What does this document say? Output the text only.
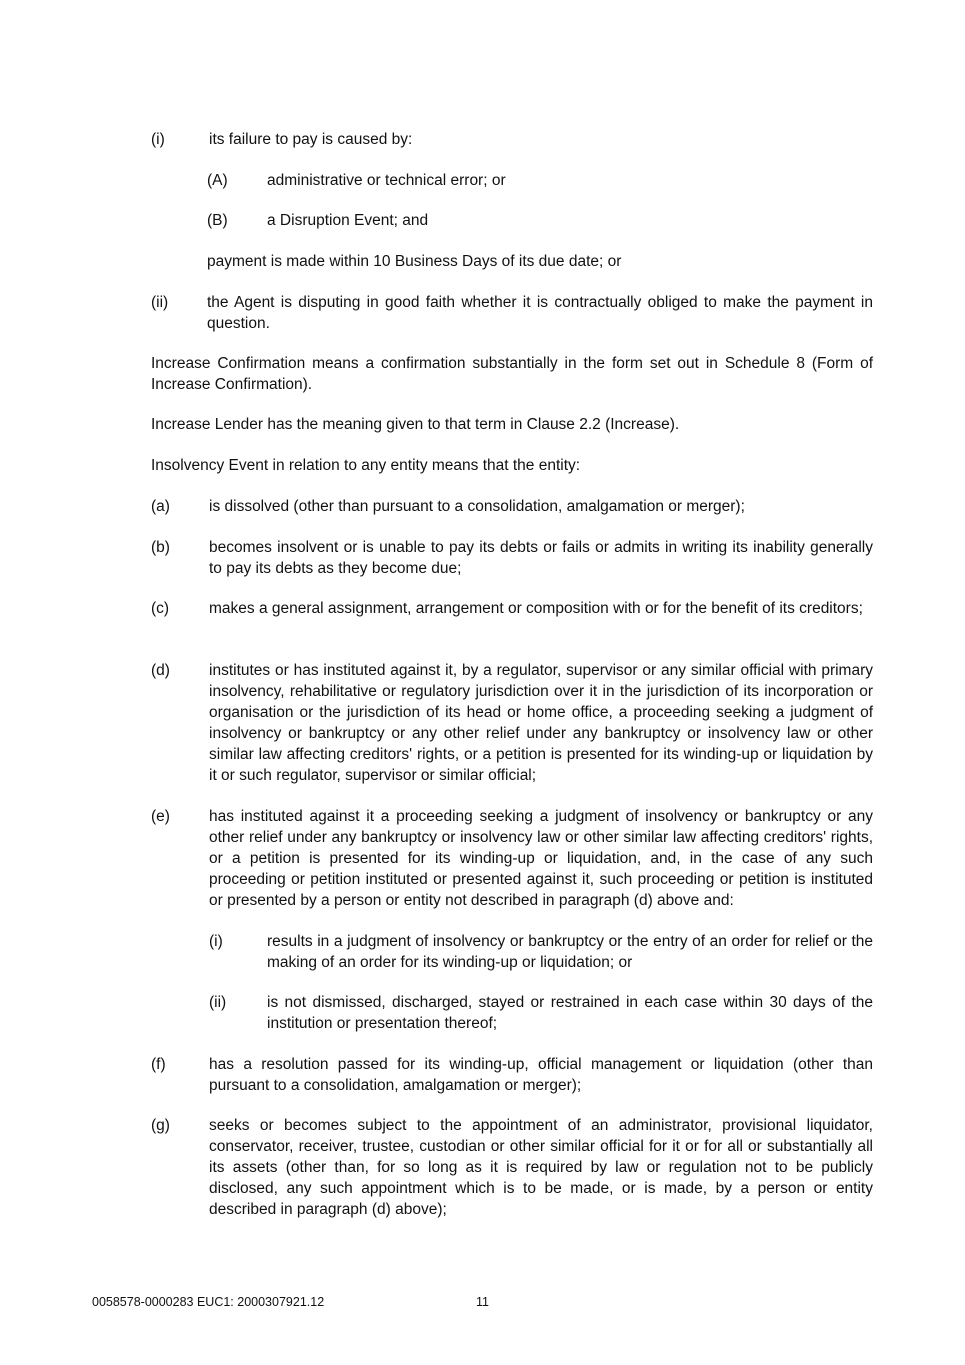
(i)	its failure to pay is caused by:

(A)	administrative or technical error; or

(B)	a Disruption Event; and

payment is made within 10 Business Days of its due date; or

(ii)	the Agent is disputing in good faith whether it is contractually obliged to make the payment in question.

Increase Confirmation means a confirmation substantially in the form set out in Schedule 8 (Form of Increase Confirmation).

Increase Lender has the meaning given to that term in Clause 2.2 (Increase).

Insolvency Event in relation to any entity means that the entity:

(a)	is dissolved (other than pursuant to a consolidation, amalgamation or merger);

(b)	becomes insolvent or is unable to pay its debts or fails or admits in writing its inability generally to pay its debts as they become due;

(c)	makes a general assignment, arrangement or composition with or for the benefit of its creditors;

(d)	institutes or has instituted against it, by a regulator, supervisor or any similar official with primary insolvency, rehabilitative or regulatory jurisdiction over it in the jurisdiction of its incorporation or organisation or the jurisdiction of its head or home office, a proceeding seeking a judgment of insolvency or bankruptcy or any other relief under any bankruptcy or insolvency law or other similar law affecting creditors' rights, or a petition is presented for its winding-up or liquidation by it or such regulator, supervisor or similar official;

(e)	has instituted against it a proceeding seeking a judgment of insolvency or bankruptcy or any other relief under any bankruptcy or insolvency law or other similar law affecting creditors' rights, or a petition is presented for its winding-up or liquidation, and, in the case of any such proceeding or petition instituted or presented against it, such proceeding or petition is instituted or presented by a person or entity not described in paragraph (d) above and:

(i)	results in a judgment of insolvency or bankruptcy or the entry of an order for relief or the making of an order for its winding-up or liquidation; or

(ii)	is not dismissed, discharged, stayed or restrained in each case within 30 days of the institution or presentation thereof;

(f)	has a resolution passed for its winding-up, official management or liquidation (other than pursuant to a consolidation, amalgamation or merger);

(g)	seeks or becomes subject to the appointment of an administrator, provisional liquidator, conservator, receiver, trustee, custodian or other similar official for it or for all or substantially all its assets (other than, for so long as it is required by law or regulation not to be publicly disclosed, any such appointment which is to be made, or is made, by a person or entity described in paragraph (d) above);

0058578-0000283 EUC1: 2000307921.12	11
